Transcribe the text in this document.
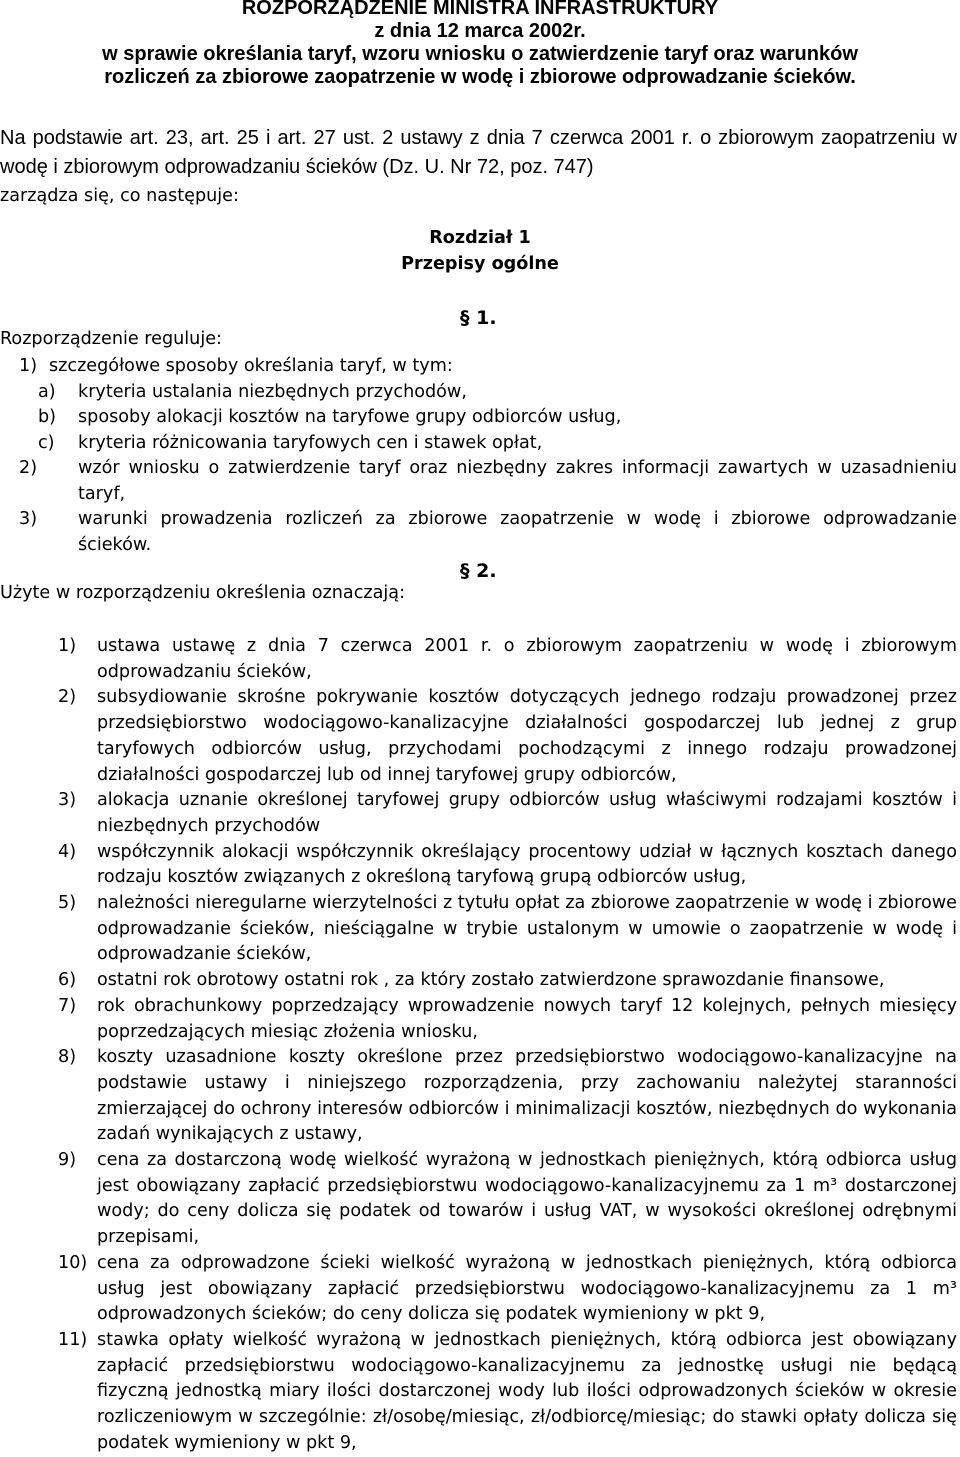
ROZPORZĄDZENIE MINISTRA INFRASTRUKTURY

z dnia 12 marca 2002r.

w sprawie określania taryf, wzoru wniosku o zatwierdzenie taryf oraz warunków

rozliczeń za zbiorowe zaopatrzenie w wodę i zbiorowe odprowadzanie ścieków.

Na podstawie art. 23, art. 25 i art. 27 ust. 2 ustawy z dnia 7 czerwca 2001 r. o zbiorowym zaopatrzeniu w wodę i zbiorowym odprowadzaniu ścieków (Dz. U. Nr 72, poz. 747)

zarządza się, co następuje:

Rozdział 1
Przepisy ogólne
§ 1.

Rozporządzenie reguluje:

1) szczegółowe sposoby określania taryf, w tym:
a) kryteria ustalania niezbędnych przychodów,
b) sposoby alokacji kosztów na taryfowe grupy odbiorców usług,
c) kryteria różnicowania taryfowych cen i stawek opłat,
2) wzór wniosku o zatwierdzenie taryf oraz niezbędny zakres informacji zawartych w uzasadnieniu taryf,
3) warunki prowadzenia rozliczeń za zbiorowe zaopatrzenie w wodę i zbiorowe odprowadzanie ścieków.
§ 2.

Użyte w rozporządzeniu określenia oznaczają:

1) ustawa ustawę z dnia 7 czerwca 2001 r. o zbiorowym zaopatrzeniu w wodę i zbiorowym odprowadzaniu ścieków,
2) subsydiowanie skrośne pokrywanie kosztów dotyczących jednego rodzaju prowadzonej przez przedsiębiorstwo wodociągowo-kanalizacyjne działalności gospodarczej lub jednej z grup taryfowych odbiorców usług, przychodami pochodzącymi z innego rodzaju prowadzonej działalności gospodarczej lub od innej taryfowej grupy odbiorców,
3) alokacja uznanie określonej taryfowej grupy odbiorców usług właściwymi rodzajami kosztów i niezbędnych przychodów
4) współczynnik alokacji współczynnik określający procentowy udział w łącznych kosztach danego rodzaju kosztów związanych z określoną taryfową grupą odbiorców usług,
5) należności nieregularne wierzytelności z tytułu opłat za zbiorowe zaopatrzenie w wodę i zbiorowe odprowadzanie ścieków, nieściągalne w trybie ustalonym w umowie o zaopatrzenie w wodę i odprowadzanie ścieków,
6) ostatni rok obrotowy ostatni rok , za który zostało zatwierdzone sprawozdanie finansowe,
7) rok obrachunkowy poprzedzający wprowadzenie nowych taryf 12 kolejnych, pełnych miesięcy poprzedzających miesiąc złożenia wniosku,
8) koszty uzasadnione koszty określone przez przedsiębiorstwo wodociągowo-kanalizacyjne na podstawie ustawy i niniejszego rozporządzenia, przy zachowaniu należytej staranności zmierzającej do ochrony interesów odbiorców i minimalizacji kosztów, niezbędnych do wykonania zadań wynikających z ustawy,
9) cena za dostarczoną wodę wielkość wyrażoną w jednostkach pieniężnych, którą odbiorca usług jest obowiązany zapłacić przedsiębiorstwu wodociągowo-kanalizacyjnemu za 1 m³ dostarczonej wody; do ceny dolicza się podatek od towarów i usług VAT, w wysokości określonej odrębnymi przepisami,
10) cena za odprowadzone ścieki wielkość wyrażoną w jednostkach pieniężnych, którą odbiorca usług jest obowiązany zapłacić przedsiębiorstwu wodociągowo-kanalizacyjnemu za 1 m³ odprowadzonych ścieków; do ceny dolicza się podatek wymieniony w pkt 9,
11) stawka opłaty wielkość wyrażoną w jednostkach pieniężnych, którą odbiorca jest obowiązany zapłacić przedsiębiorstwu wodociągowo-kanalizacyjnemu za jednostkę usługi nie będącą fizyczną jednostką miary ilości dostarczonej wody lub ilości odprowadzonych ścieków w okresie rozliczeniowym w szczególnie: zł/osobę/miesiąc, zł/odbiorcę/miesiąc; do stawki opłaty dolicza się podatek wymieniony w pkt 9,
